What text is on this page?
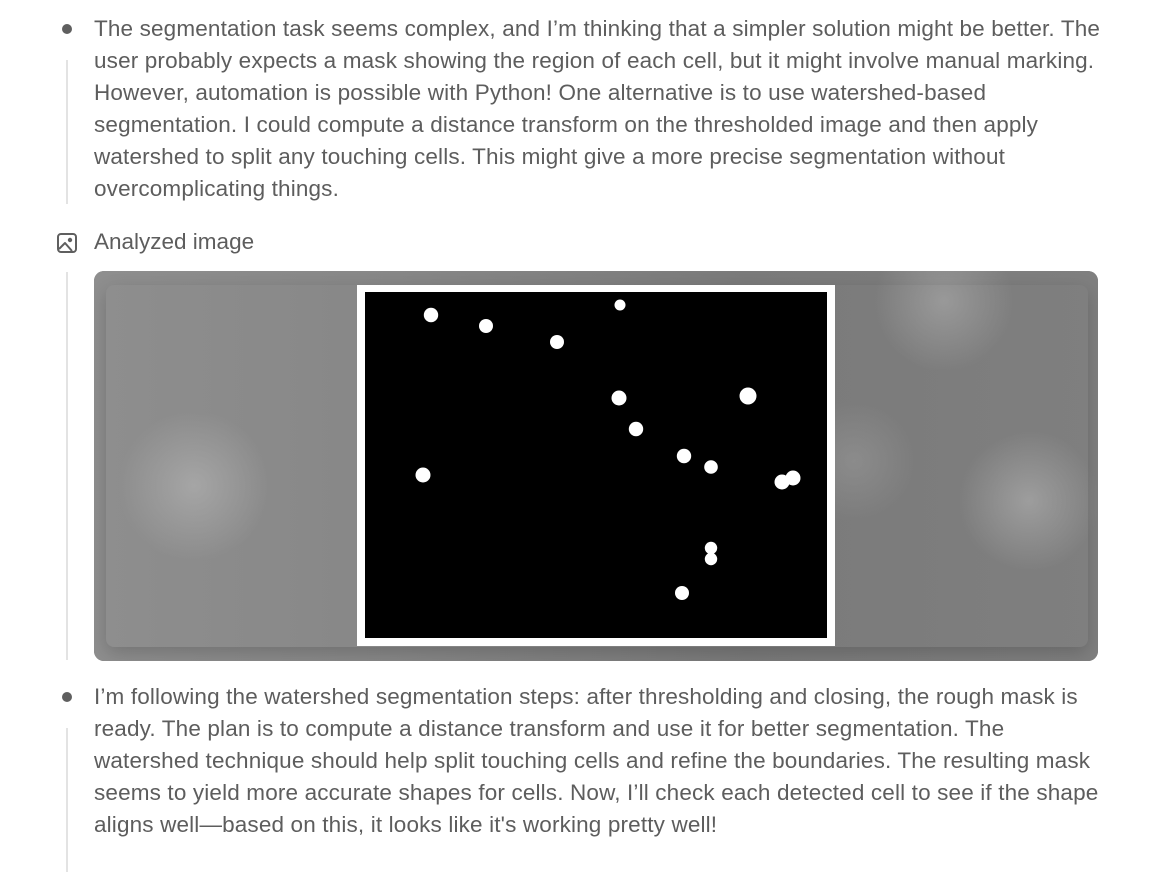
The segmentation task seems complex, and I’m thinking that a simpler solution might be better. The user probably expects a mask showing the region of each cell, but it might involve manual marking. However, automation is possible with Python! One alternative is to use watershed-based segmentation. I could compute a distance transform on the thresholded image and then apply watershed to split any touching cells. This might give a more precise segmentation without overcomplicating things.

Analyzed image

I’m following the watershed segmentation steps: after thresholding and closing, the rough mask is ready. The plan is to compute a distance transform and use it for better segmentation. The watershed technique should help split touching cells and refine the boundaries. The resulting mask seems to yield more accurate shapes for cells. Now, I’ll check each detected cell to see if the shape aligns well—based on this, it looks like it's working pretty well!
